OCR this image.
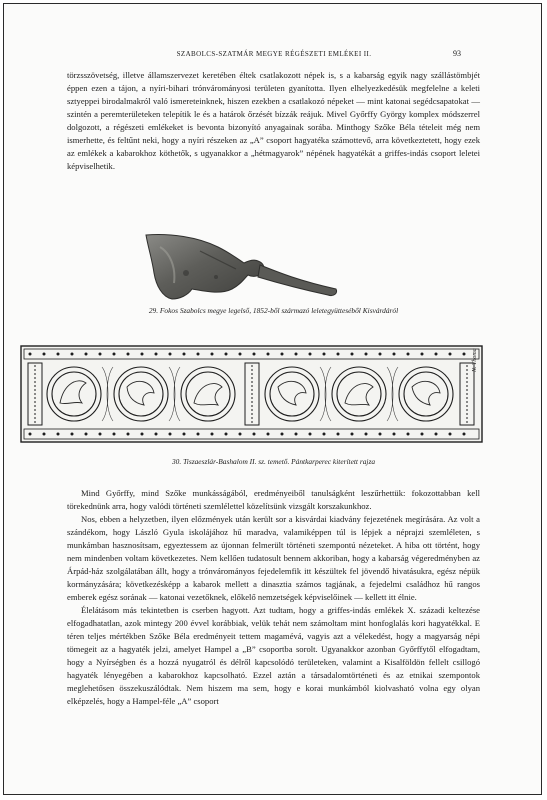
SZABOLCS-SZATMÁR MEGYE RÉGÉSZETI EMLÉKEI II.	93

törzsszövetség, illetve államszervezet keretében éltek csatlakozott népek is, s a kabarság egyik nagy szállástömbjét éppen ezen a tájon, a nyíri-bihari trónvárományosi területen gyanította. Ilyen elhelyezkedésük megfelelne a keleti sztyeppei birodalmakról való ismereteinknek, hiszen ezekben a csatlakozó népeket — mint katonai segédcsapatokat — szintén a peremterületeken telepítik le és a határok őrzését bízzák reájuk. Mivel Győrffy György komplex módszerrel dolgozott, a régészeti emlékeket is bevonta bizonyító anyagainak sorába. Minthogy Szőke Béla tételeit még nem ismerhette, és feltűnt neki, hogy a nyíri részeken az „A” csoport hagyatéka számottevő, arra következtetett, hogy ezek az emlékek a kabarokhoz köthetők, s ugyanakkor a „hétmagyarok” népének hagyatékát a griffes-indás csoport leletei képviselhetik.

29. Fokos Szabolcs megye legelső, 1852-ből származó leletegyütteséből Kisvárdáról
N. Thoma
30. Tiszaeszlár-Bashalom II. sz. temető. Pántkarperec kiterített rajza

Mind Győrffy, mind Szőke munkásságából, eredményeiből tanulságként leszűrhettük: fokozottabban kell törekednünk arra, hogy valódi történeti szemlélettel közelítsünk vizsgált korszakunkhoz.

Nos, ebben a helyzetben, ilyen előzmények után került sor a kisvárdai kiadvány fejezetének megírására. Az volt a szándékom, hogy László Gyula iskolájához hű maradva, valamiképpen túl is lépjek a néprajzi szemléleten, s munkámban hasznosítsam, egyeztessem az újonnan felmerült történeti szempontú nézeteket. A hiba ott történt, hogy nem mindenben voltam következetes. Nem kellően tudatosult bennem akkoriban, hogy a kabarság végeredményben az Árpád-ház szolgálatában állt, hogy a trónvárományos fejedelemfik itt készültek fel jövendő hivatásukra, egész népük kormányzására; következésképp a kabarok mellett a dinasztia számos tagjának, a fejedelmi családhoz hű rangos emberek egész sorának — katonai vezetőknek, előkelő nemzetségek képviselőinek — kellett itt élnie.

Élelátásom más tekintetben is cserben hagyott. Azt tudtam, hogy a griffes-indás emlékek X. századi keltezése elfogadhatatlan, azok mintegy 200 évvel korábbiak, velük tehát nem számoltam mint honfoglalás kori hagyatékkal. E téren teljes mértékben Szőke Béla eredményeit tettem magamévá, vagyis azt a vélekedést, hogy a magyarság népi tömegeit az a hagyaték jelzi, amelyet Hampel a „B” csoportba sorolt. Ugyanakkor azonban Győrffytől elfogadtam, hogy a Nyírségben és a hozzá nyugatról és délről kapcsolódó területeken, valamint a Kisalföldön fellelt csillogó hagyaték lényegében a kabarokhoz kapcsolható. Ezzel aztán a társadalomtörténeti és az etnikai szempontok meglehetősen összekuszálódtak. Nem hiszem ma sem, hogy e korai munkámból kiolvasható volna egy olyan elképzelés, hogy a Hampel-féle „A” csoport
